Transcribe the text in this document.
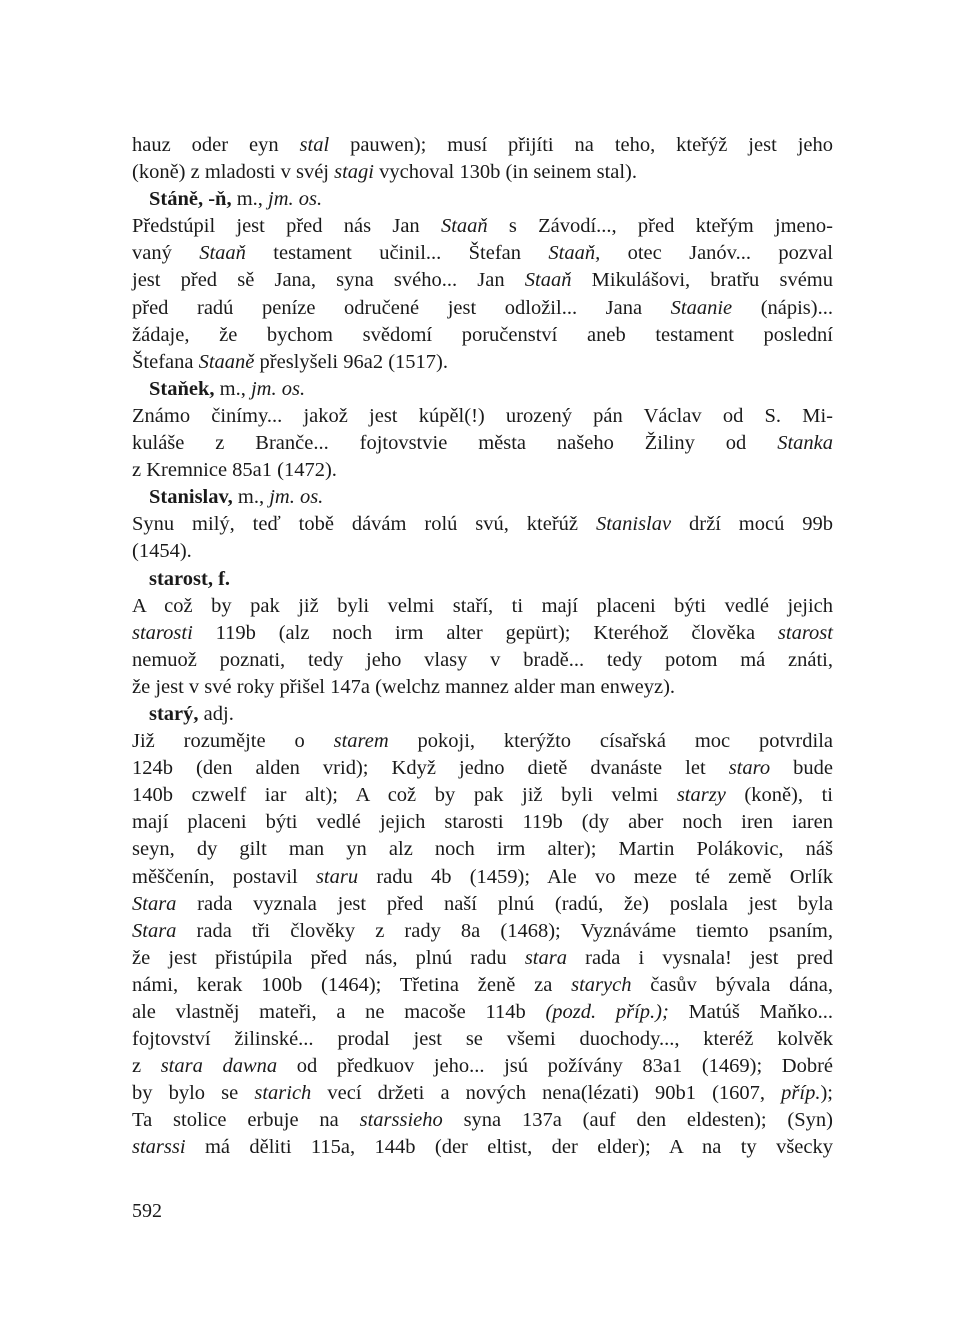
hauz oder eyn stal pauwen); musí přijíti na teho, kteřýž jest jeho
(koně) z mladosti v svéj stagi vychoval 130b (in seinem stal).
Stáně, -ň, m., jm. os.
Předstúpil jest před nás Jan Staaň s Závodí..., před kteřým jmeno-
vaný Staaň testament učinil... Štefan Staaň, otec Janóv... pozval
jest před sě Jana, syna svého... Jan Staaň Mikulášovi, bratřu svému
před radú peníze odručené jest odložil... Jana Staanie (nápis)...
žádaje, že bychom svědomí poručenství aneb testament poslední
Štefana Staaně přeslyšeli 96a2 (1517).
Staňek, m., jm. os.
Známo činímy... jakož jest kúpěl(!) urozený pán Václav od S. Mi-
kuláše z Branče... fojtovstvie města našeho Žiliny od Stanka
z Kremnice 85a1 (1472).
Stanislav, m., jm. os.
Synu milý, teď tobě dávám rolú svú, kteřúž Stanislav drží mocú 99b
(1454).
starost, f.
A což by pak již byli velmi staří, ti mají placeni býti vedlé jejich
starosti 119b (alz noch irm alter gepürt); Kteréhož člověka starost
nemuož poznati, tedy jeho vlasy v bradě... tedy potom má znáti,
že jest v své roky přišel 147a (welchz mannez alder man enweyz).
starý, adj.
Již rozumějte o starem pokoji, kterýžto císařská moc potvrdila
124b (den alden vrid); Když jedno dietě dvanáste let staro bude
140b czwelf iar alt); A což by pak již byli velmi starzy (koně), ti
mají placeni býti vedlé jejich starosti 119b (dy aber noch iren iaren
seyn, dy gilt man yn alz noch irm alter); Martin Polákovic, náš
měščenín, postavil staru radu 4b (1459); Ale vo meze té země Orlík
Stara rada vyznala jest před naší plnú (radú, že) poslala jest byla
Stara rada tři člověky z rady 8a (1468); Vyznáváme tiemto psaním,
že jest přistúpila před nás, plnú radu stara rada i vysnala! jest pred
námi, kerak 100b (1464); Třetina ženě za starych časův bývala dána,
ale vlastněj mateři, a ne macoše 114b (pozd. příp.); Matúš Maňko...
fojtovství žilinské... prodal jest se všemi duochody..., kteréž kolvěk
z stara dawna od předkuov jeho... jsú požívány 83a1 (1469); Dobré
by bylo se starich vecí držeti a nových nena(lézati) 90b1 (1607, příp.);
Ta stolice erbuje na starssieho syna 137a (auf den eldesten); (Syn)
starssi má děliti 115a, 144b (der eltist, der elder); A na ty všecky
592
